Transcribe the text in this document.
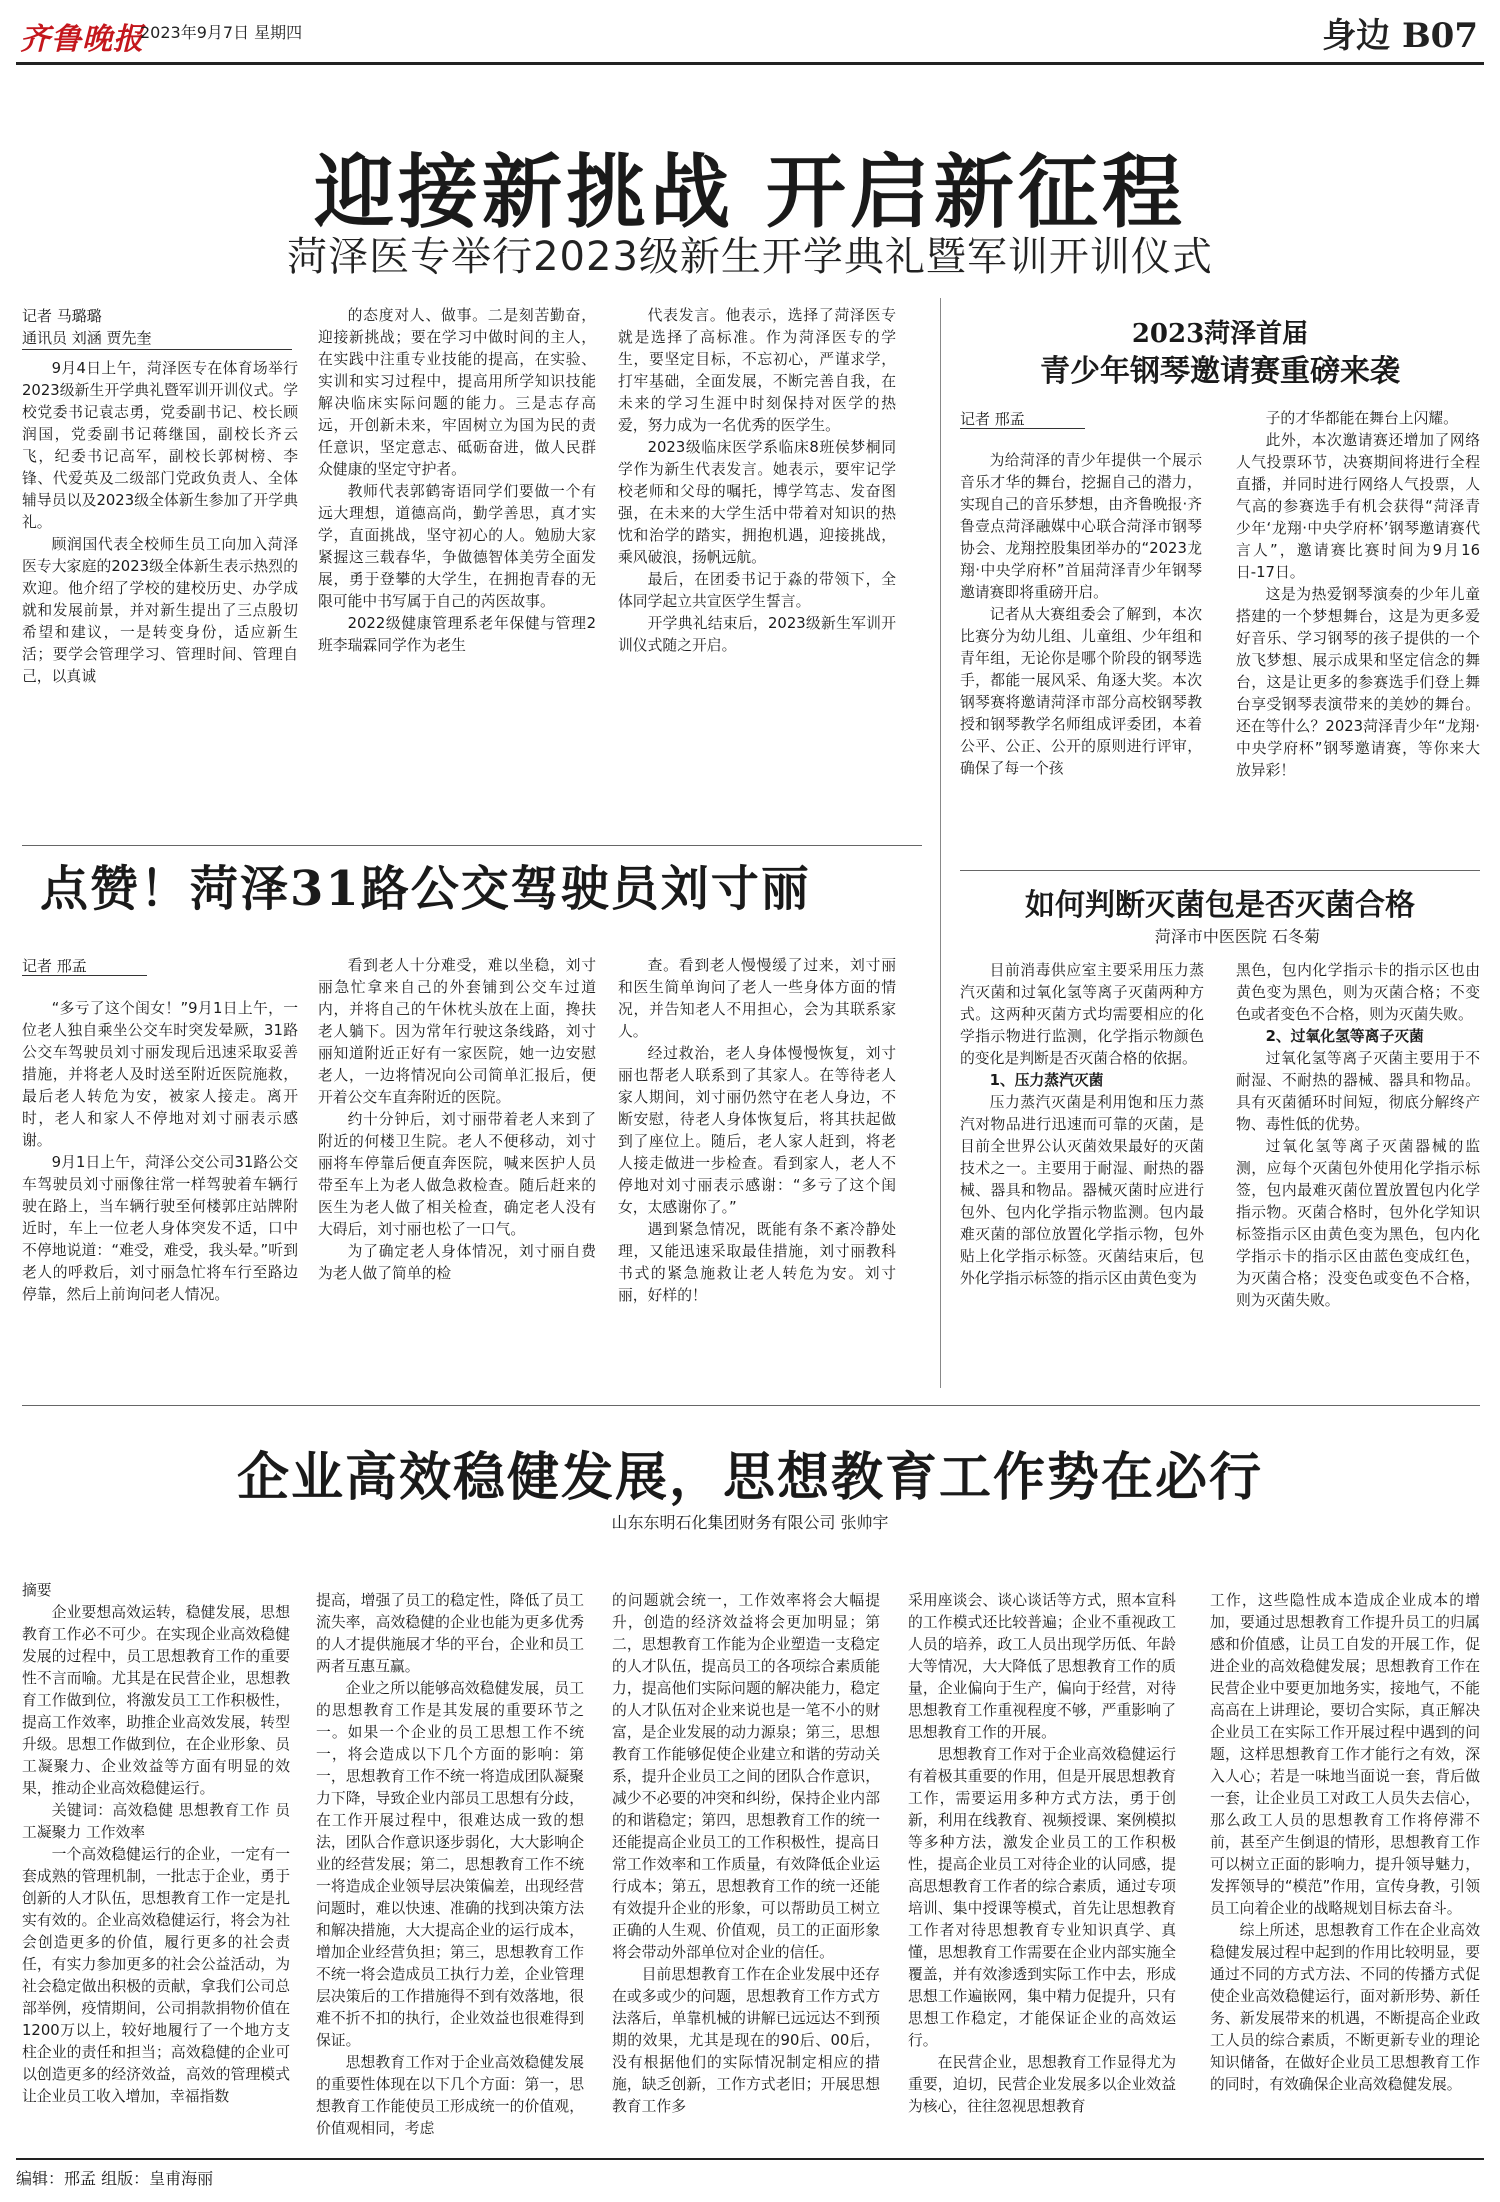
齐鲁晚报
2023年9月7日 星期四	身边 B07
迎接新挑战 开启新征程
菏泽医专举行2023级新生开学典礼暨军训开训仪式
记者 马璐璐
通讯员 刘涵 贾先奎

9月4日上午，菏泽医专在体育场举行2023级新生开学典礼暨军训开训仪式。学校党委书记袁志勇，党委副书记、校长顾润国，党委副书记蒋继国，副校长齐云飞，纪委书记高军，副校长郭树榜、李锋、代爱英及二级部门党政负责人、全体辅导员以及2023级全体新生参加了开学典礼。

顾润国代表全校师生员工向加入菏泽医专大家庭的2023级全体新生表示热烈的欢迎。他介绍了学校的建校历史、办学成就和发展前景，并对新生提出了三点殷切希望和建议，一是转变身份，适应新生活；要学会管理学习、管理时间、管理自己，以真诚

的态度对人、做事。二是刻苦勤奋，迎接新挑战；要在学习中做时间的主人，在实践中注重专业技能的提高，在实验、实训和实习过程中，提高用所学知识技能解决临床实际问题的能力。三是志存高远，开创新未来，牢固树立为国为民的责任意识，坚定意志、砥砺奋进，做人民群众健康的坚定守护者。

教师代表郭鹤寄语同学们要做一个有远大理想，道德高尚，勤学善思，真才实学，直面挑战，坚守初心的人。勉励大家紧握这三载春华，争做德智体美劳全面发展，勇于登攀的大学生，在拥抱青春的无限可能中书写属于自己的芮医故事。

2022级健康管理系老年保健与管理2班李瑞霖同学作为老生

代表发言。他表示，选择了菏泽医专就是选择了高标准。作为菏泽医专的学生，要坚定目标，不忘初心，严谨求学，打牢基础，全面发展，不断完善自我，在未来的学习生涯中时刻保持对医学的热爱，努力成为一名优秀的医学生。

2023级临床医学系临床8班侯梦桐同学作为新生代表发言。她表示，要牢记学校老师和父母的嘱托，博学笃志、发奋图强，在未来的大学生活中带着对知识的热忱和治学的踏实，拥抱机遇，迎接挑战，乘风破浪，扬帆远航。

最后，在团委书记于淼的带领下，全体同学起立共宣医学生誓言。

开学典礼结束后，2023级新生军训开训仪式随之开启。

2023菏泽首届
青少年钢琴邀请赛重磅来袭
记者 邢孟

为给菏泽的青少年提供一个展示音乐才华的舞台，挖掘自己的潜力，实现自己的音乐梦想，由齐鲁晚报·齐鲁壹点菏泽融媒中心联合菏泽市钢琴协会、龙翔控股集团举办的“2023龙翔·中央学府杯”首届菏泽青少年钢琴邀请赛即将重磅开启。

记者从大赛组委会了解到，本次比赛分为幼儿组、儿童组、少年组和青年组，无论你是哪个阶段的钢琴选手，都能一展风采、角逐大奖。本次钢琴赛将邀请菏泽市部分高校钢琴教授和钢琴教学名师组成评委团，本着公平、公正、公开的原则进行评审，确保了每一个孩

子的才华都能在舞台上闪耀。

此外，本次邀请赛还增加了网络人气投票环节，决赛期间将进行全程直播，并同时进行网络人气投票，人气高的参赛选手有机会获得“菏泽青少年‘龙翔·中央学府杯’钢琴邀请赛代言人”，邀请赛比赛时间为9月16日-17日。

这是为热爱钢琴演奏的少年儿童搭建的一个梦想舞台，这是为更多爱好音乐、学习钢琴的孩子提供的一个放飞梦想、展示成果和坚定信念的舞台，这是让更多的参赛选手们登上舞台享受钢琴表演带来的美妙的舞台。还在等什么？2023菏泽青少年“龙翔·中央学府杯”钢琴邀请赛，等你来大放异彩！

点赞！菏泽31路公交驾驶员刘寸丽
记者 邢孟

“多亏了这个闺女！”9月1日上午，一位老人独自乘坐公交车时突发晕厥，31路公交车驾驶员刘寸丽发现后迅速采取妥善措施，并将老人及时送至附近医院施救，最后老人转危为安，被家人接走。离开时，老人和家人不停地对刘寸丽表示感谢。

9月1日上午，菏泽公交公司31路公交车驾驶员刘寸丽像往常一样驾驶着车辆行驶在路上，当车辆行驶至何楼郭庄站牌附近时，车上一位老人身体突发不适，口中不停地说道：“难受，难受，我头晕。”听到老人的呼救后，刘寸丽急忙将车行至路边停靠，然后上前询问老人情况。

看到老人十分难受，难以坐稳，刘寸丽急忙拿来自己的外套铺到公交车过道内，并将自己的午休枕头放在上面，搀扶老人躺下。因为常年行驶这条线路，刘寸丽知道附近正好有一家医院，她一边安慰老人，一边将情况向公司简单汇报后，便开着公交车直奔附近的医院。

约十分钟后，刘寸丽带着老人来到了附近的何楼卫生院。老人不便移动，刘寸丽将车停靠后便直奔医院，喊来医护人员带至车上为老人做急救检查。随后赶来的医生为老人做了相关检查，确定老人没有大碍后，刘寸丽也松了一口气。

为了确定老人身体情况，刘寸丽自费为老人做了简单的检

查。看到老人慢慢缓了过来，刘寸丽和医生简单询问了老人一些身体方面的情况，并告知老人不用担心，会为其联系家人。

经过救治，老人身体慢慢恢复，刘寸丽也帮老人联系到了其家人。在等待老人家人期间，刘寸丽仍然守在老人身边，不断安慰，待老人身体恢复后，将其扶起做到了座位上。随后，老人家人赶到，将老人接走做进一步检查。看到家人，老人不停地对刘寸丽表示感谢：“多亏了这个闺女，太感谢你了。”

遇到紧急情况，既能有条不紊冷静处理，又能迅速采取最佳措施，刘寸丽教科书式的紧急施救让老人转危为安。刘寸丽，好样的！

如何判断灭菌包是否灭菌合格
菏泽市中医医院 石冬菊

目前消毒供应室主要采用压力蒸汽灭菌和过氧化氢等离子灭菌两种方式。这两种灭菌方式均需要相应的化学指示物进行监测，化学指示物颜色的变化是判断是否灭菌合格的依据。

1、压力蒸汽灭菌

压力蒸汽灭菌是利用饱和压力蒸汽对物品进行迅速而可靠的灭菌，是目前全世界公认灭菌效果最好的灭菌技术之一。主要用于耐湿、耐热的器械、器具和物品。器械灭菌时应进行包外、包内化学指示物监测。包内最难灭菌的部位放置化学指示物，包外贴上化学指示标签。灭菌结束后，包外化学指示标签的指示区由黄色变为

黑色，包内化学指示卡的指示区也由黄色变为黑色，则为灭菌合格；不变色或者变色不合格，则为灭菌失败。

2、过氧化氢等离子灭菌

过氧化氢等离子灭菌主要用于不耐湿、不耐热的器械、器具和物品。具有灭菌循环时间短，彻底分解终产物、毒性低的优势。

过氧化氢等离子灭菌器械的监测，应每个灭菌包外使用化学指示标签，包内最难灭菌位置放置包内化学指示物。灭菌合格时，包外化学知识标签指示区由黄色变为黑色，包内化学指示卡的指示区由蓝色变成红色，为灭菌合格；没变色或变色不合格，则为灭菌失败。

企业高效稳健发展，思想教育工作势在必行
山东东明石化集团财务有限公司 张帅宇

摘要

企业要想高效运转，稳健发展，思想教育工作必不可少。在实现企业高效稳健发展的过程中，员工思想教育工作的重要性不言而喻。尤其是在民营企业，思想教育工作做到位，将激发员工工作积极性，提高工作效率，助推企业高效发展，转型升级。思想工作做到位，在企业形象、员工凝聚力、企业效益等方面有明显的效果，推动企业高效稳健运行。

关键词：高效稳健 思想教育工作 员工凝聚力 工作效率

一个高效稳健运行的企业，一定有一套成熟的管理机制，一批志于企业，勇于创新的人才队伍，思想教育工作一定是扎实有效的。企业高效稳健运行，将会为社会创造更多的价值，履行更多的社会责任，有实力参加更多的社会公益活动，为社会稳定做出积极的贡献，拿我们公司总部举例，疫情期间，公司捐款捐物价值在1200万以上，较好地履行了一个地方支柱企业的责任和担当；高效稳健的企业可以创造更多的经济效益，高效的管理模式让企业员工收入增加，幸福指数

提高，增强了员工的稳定性，降低了员工流失率，高效稳健的企业也能为更多优秀的人才提供施展才华的平台，企业和员工两者互惠互赢。

企业之所以能够高效稳健发展，员工的思想教育工作是其发展的重要环节之一。如果一个企业的员工思想工作不统一，将会造成以下几个方面的影响：第一，思想教育工作不统一将造成团队凝聚力下降，导致企业内部员工思想有分歧，在工作开展过程中，很难达成一致的想法，团队合作意识逐步弱化，大大影响企业的经营发展；第二，思想教育工作不统一将造成企业领导层决策偏差，出现经营问题时，难以快速、准确的找到决策方法和解决措施，大大提高企业的运行成本，增加企业经营负担；第三，思想教育工作不统一将会造成员工执行力差，企业管理层决策后的工作措施得不到有效落地，很难不折不扣的执行，企业效益也很难得到保证。

思想教育工作对于企业高效稳健发展的重要性体现在以下几个方面：第一，思想教育工作能使员工形成统一的价值观，价值观相同，考虑

的问题就会统一，工作效率将会大幅提升，创造的经济效益将会更加明显；第二，思想教育工作能为企业塑造一支稳定的人才队伍，提高员工的各项综合素质能力，提高他们实际问题的解决能力，稳定的人才队伍对企业来说也是一笔不小的财富，是企业发展的动力源泉；第三，思想教育工作能够促使企业建立和谐的劳动关系，提升企业员工之间的团队合作意识，减少不必要的冲突和纠纷，保持企业内部的和谐稳定；第四，思想教育工作的统一还能提高企业员工的工作积极性，提高日常工作效率和工作质量，有效降低企业运行成本；第五，思想教育工作的统一还能有效提升企业的形象，可以帮助员工树立正确的人生观、价值观，员工的正面形象将会带动外部单位对企业的信任。

目前思想教育工作在企业发展中还存在或多或少的问题，思想教育工作方式方法落后，单靠机械的讲解已远远达不到预期的效果，尤其是现在的90后、00后，没有根据他们的实际情况制定相应的措施，缺乏创新，工作方式老旧；开展思想教育工作多

采用座谈会、谈心谈话等方式，照本宣科的工作模式还比较普遍；企业不重视政工人员的培养，政工人员出现学历低、年龄大等情况，大大降低了思想教育工作的质量，企业偏向于生产，偏向于经营，对待思想教育工作重视程度不够，严重影响了思想教育工作的开展。

思想教育工作对于企业高效稳健运行有着极其重要的作用，但是开展思想教育工作，需要运用多种方式方法，勇于创新，利用在线教育、视频授课、案例模拟等多种方法，激发企业员工的工作积极性，提高企业员工对待企业的认同感，提高思想教育工作者的综合素质，通过专项培训、集中授课等模式，首先让思想教育工作者对待思想教育专业知识真学、真懂，思想教育工作需要在企业内部实施全覆盖，并有效渗透到实际工作中去，形成思想工作遍嵌网，集中精力促提升，只有思想工作稳定，才能保证企业的高效运行。

在民营企业，思想教育工作显得尤为重要，迫切，民营企业发展多以企业效益为核心，往往忽视思想教育

工作，这些隐性成本造成企业成本的增加，要通过思想教育工作提升员工的归属感和价值感，让员工自发的开展工作，促进企业的高效稳健发展；思想教育工作在民营企业中要更加地务实，接地气，不能高高在上讲理论，要切合实际，真正解决企业员工在实际工作开展过程中遇到的问题，这样思想教育工作才能行之有效，深入人心；若是一味地当面说一套，背后做一套，让企业员工对政工人员失去信心，那么政工人员的思想教育工作将停滞不前，甚至产生倒退的情形，思想教育工作可以树立正面的影响力，提升领导魅力，发挥领导的“模范”作用，宣传身教，引领员工向着企业的战略规划目标去奋斗。

综上所述，思想教育工作在企业高效稳健发展过程中起到的作用比较明显，要通过不同的方式方法、不同的传播方式促使企业高效稳健运行，面对新形势、新任务、新发展带来的机遇，不断提高企业政工人员的综合素质，不断更新专业的理论知识储备，在做好企业员工思想教育工作的同时，有效确保企业高效稳健发展。

编辑：邢孟 组版：皇甫海丽
